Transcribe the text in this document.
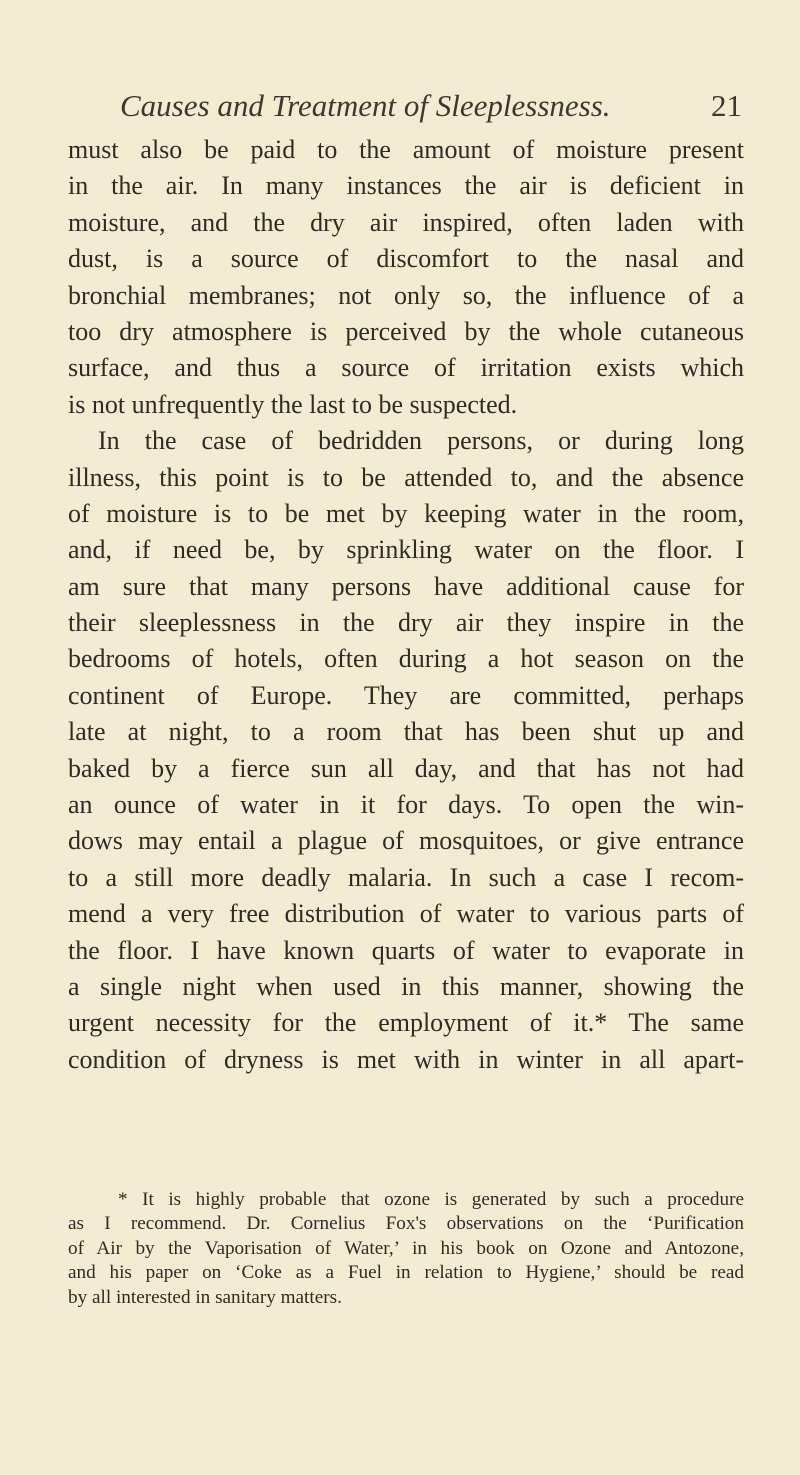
Causes and Treatment of Sleeplessness.	21
must also be paid to the amount of moisture present
in the air. In many instances the air is deficient in
moisture, and the dry air inspired, often laden with
dust, is a source of discomfort to the nasal and
bronchial membranes; not only so, the influence of a
too dry atmosphere is perceived by the whole cutaneous
surface, and thus a source of irritation exists which
is not unfrequently the last to be suspected.
In the case of bedridden persons, or during long
illness, this point is to be attended to, and the absence
of moisture is to be met by keeping water in the room,
and, if need be, by sprinkling water on the floor. I
am sure that many persons have additional cause for
their sleeplessness in the dry air they inspire in the
bedrooms of hotels, often during a hot season on the
continent of Europe. They are committed, perhaps
late at night, to a room that has been shut up and
baked by a fierce sun all day, and that has not had
an ounce of water in it for days. To open the win-
dows may entail a plague of mosquitoes, or give entrance
to a still more deadly malaria. In such a case I recom-
mend a very free distribution of water to various parts of
the floor. I have known quarts of water to evaporate in
a single night when used in this manner, showing the
urgent necessity for the employment of it.* The same
condition of dryness is met with in winter in all apart-
* It is highly probable that ozone is generated by such a procedure
as I recommend. Dr. Cornelius Fox's observations on the ‘Purification
of Air by the Vaporisation of Water,’ in his book on Ozone and Antozone,
and his paper on ‘Coke as a Fuel in relation to Hygiene,’ should be read
by all interested in sanitary matters.
